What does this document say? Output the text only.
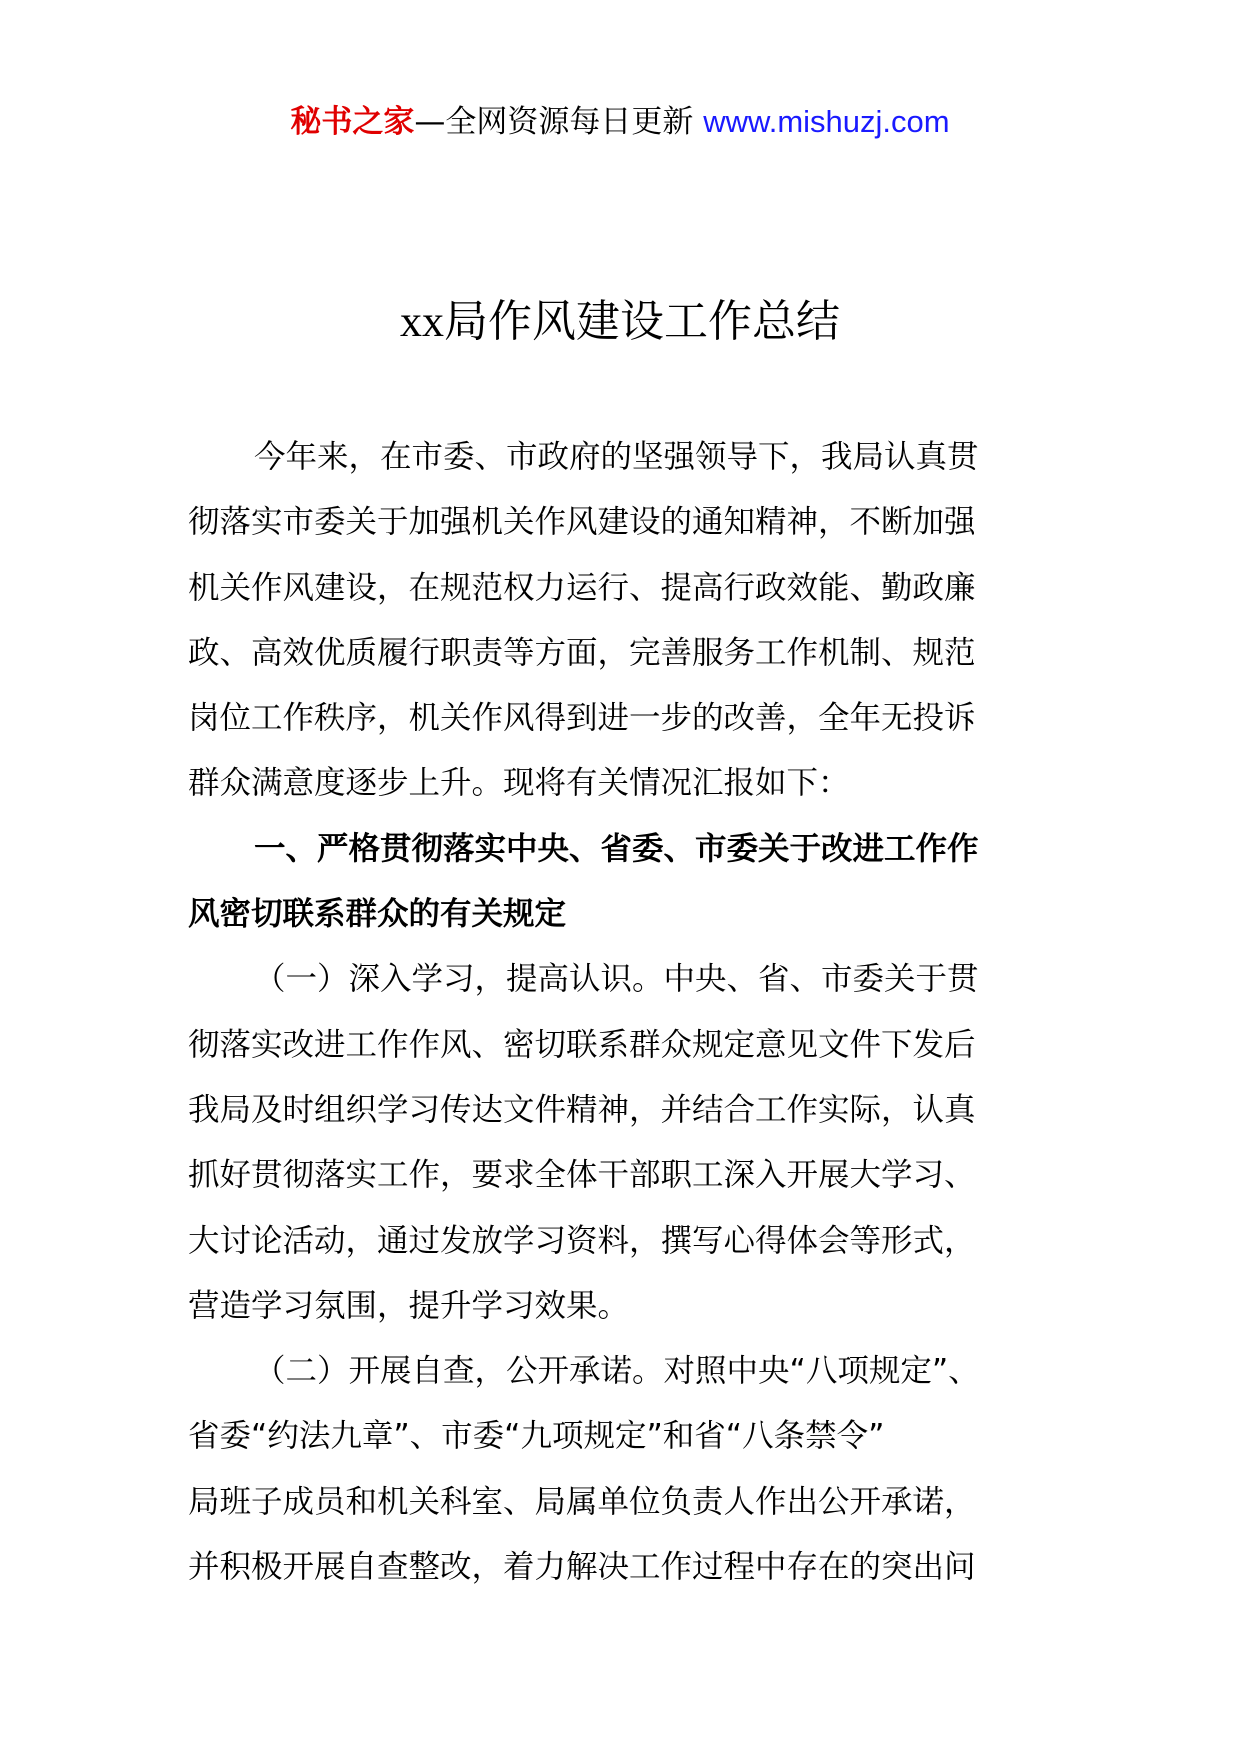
秘书之家—全网资源每日更新 www.mishuzj.com
xx局作风建设工作总结
今年来，在市委、市政府的坚强领导下，我局认真贯
彻落实市委关于加强机关作风建设的通知精神，不断加强
机关作风建设，在规范权力运行、提高行政效能、勤政廉
政、高效优质履行职责等方面，完善服务工作机制、规范
岗位工作秩序，机关作风得到进一步的改善，全年无投诉
群众满意度逐步上升。现将有关情况汇报如下：
一、严格贯彻落实中央、省委、市委关于改进工作作
风密切联系群众的有关规定
（一）深入学习，提高认识。中央、省、市委关于贯
彻落实改进工作作风、密切联系群众规定意见文件下发后
我局及时组织学习传达文件精神，并结合工作实际，认真
抓好贯彻落实工作，要求全体干部职工深入开展大学习、
大讨论活动，通过发放学习资料，撰写心得体会等形式，
营造学习氛围，提升学习效果。
（二）开展自查，公开承诺。对照中央“八项规定”、
省委“约法九章”、市委“九项规定”和省“八条禁令”
局班子成员和机关科室、局属单位负责人作出公开承诺，
并积极开展自查整改，着力解决工作过程中存在的突出问
